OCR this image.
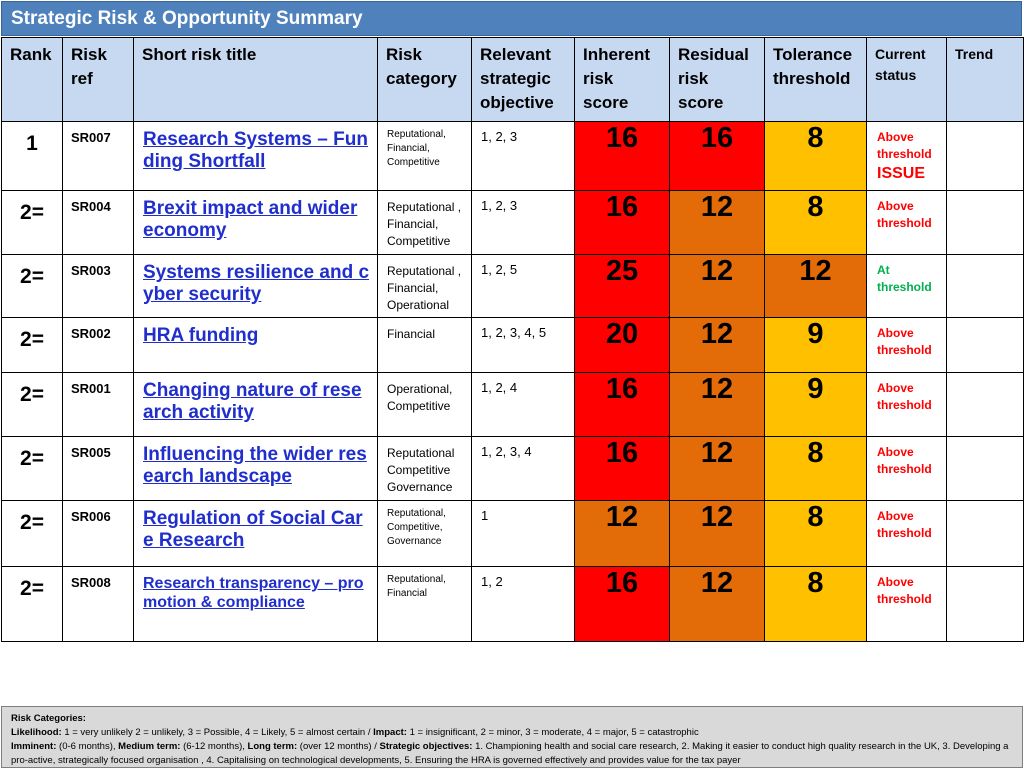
Strategic Risk & Opportunity Summary
Rank	Risk ref	Short risk title	Risk category	Relevant strategic objective	Inherent risk score	Residual risk score	Tolerance threshold	Current status	Trend
1	SR007	Research Systems – Funding Shortfall	Reputational, Financial, Competitive	1, 2, 3	16	16	8	Above threshold
ISSUE	

2=	SR004	Brexit impact and wider economy	Reputational , Financial, Competitive	1, 2, 3	16	12	8	Above threshold	

2=	SR003	Systems resilience and cyber security	Reputational , Financial, Operational	1, 2, 5	25	12	12	At threshold	

2=	SR002	HRA funding	Financial	1, 2, 3, 4, 5	20	12	9	Above threshold	

2=	SR001	Changing nature of research activity	Operational, Competitive	1, 2, 4	16	12	9	Above threshold	

2=	SR005	Influencing the wider research landscape	Reputational Competitive Governance	1, 2, 3, 4	16	12	8	Above threshold	

2=	SR006	Regulation of Social Care Research	Reputational, Competitive, Governance	1	12	12	8	Above threshold	

2=	SR008	Research transparency – promotion & compliance	Reputational, Financial	1, 2	16	12	8	Above threshold	

Risk Categories:
Likelihood: 1 = very unlikely 2 = unlikely, 3 = Possible, 4 = Likely, 5 = almost certain / Impact: 1 = insignificant, 2 = minor, 3 = moderate, 4 = major, 5 = catastrophic
Imminent: (0-6 months), Medium term: (6-12 months), Long term: (over 12 months) / Strategic objectives: 1. Championing health and social care research, 2. Making it easier to conduct high quality research in the UK, 3. Developing a pro-active, strategically focused organisation , 4. Capitalising on technological developments, 5. Ensuring the HRA is governed effectively and provides value for the tax payer
